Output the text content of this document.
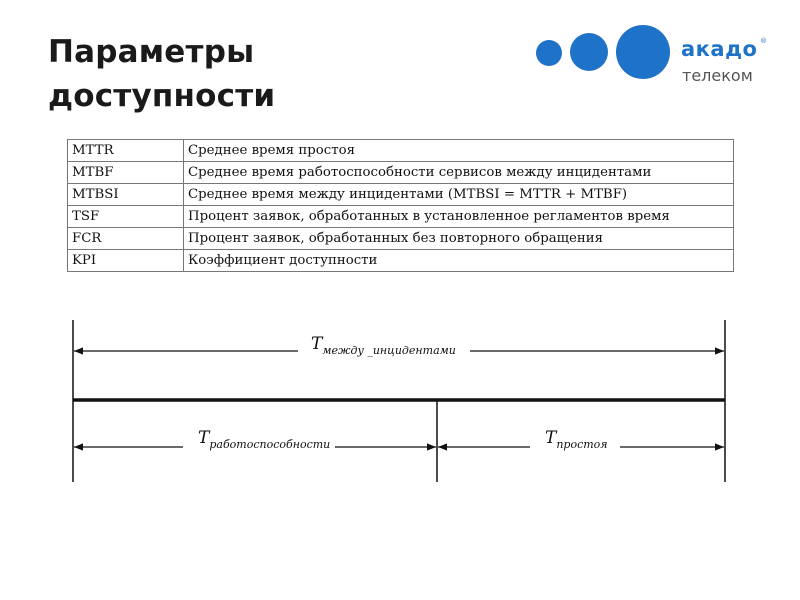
Параметры
доступности
акадо ®
телеком
MTTR	Среднее время простоя
MTBF	Среднее время работоспособности сервисов между инцидентами
MTBSI	Среднее время между инцидентами (MTBSI = MTTR + MTBF)
TSF	Процент заявок, обработанных в установленное регламентов время
FCR	Процент заявок, обработанных без повторного обращения
KPI	Коэффициент доступности
$T_{между \_инцидентами}$
$T_{работоспособности}$	$T_{простоя}$
